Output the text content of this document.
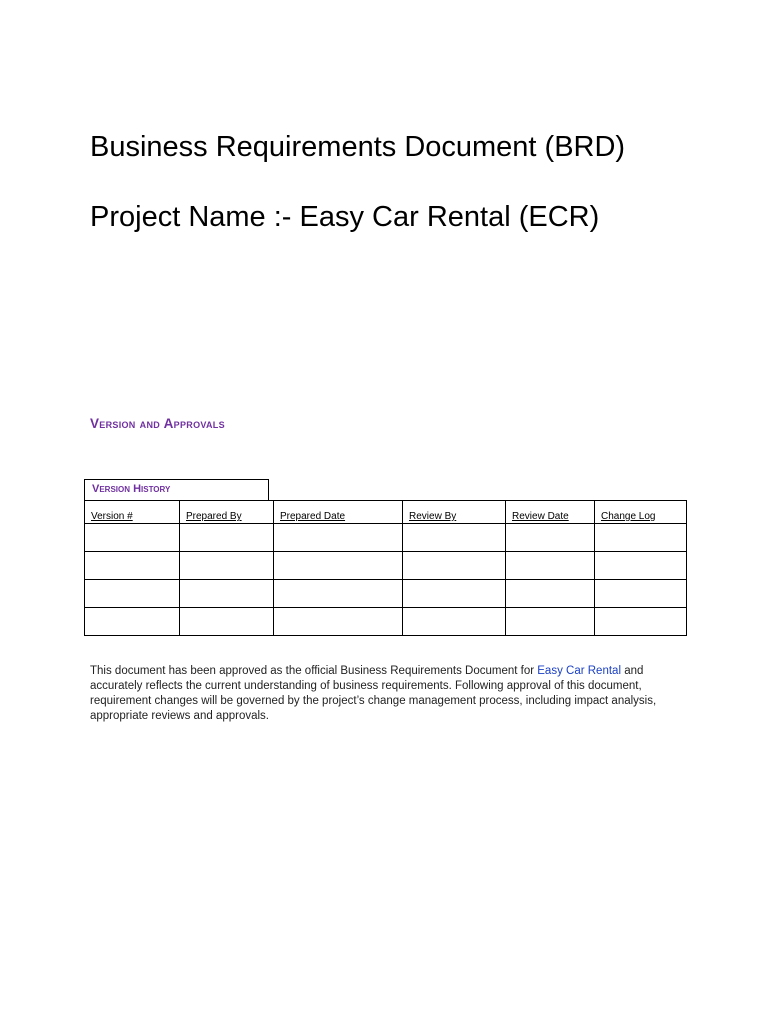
Business Requirements Document (BRD)
Project Name :- Easy Car Rental (ECR)
Version and Approvals
Version History
Version #	Prepared By	Prepared Date	Review By	Review Date	Change Log

This document has been approved as the official Business Requirements Document for Easy Car Rental and accurately reflects the current understanding of business requirements. Following approval of this document, requirement changes will be governed by the project’s change management process, including impact analysis, appropriate reviews and approvals.
